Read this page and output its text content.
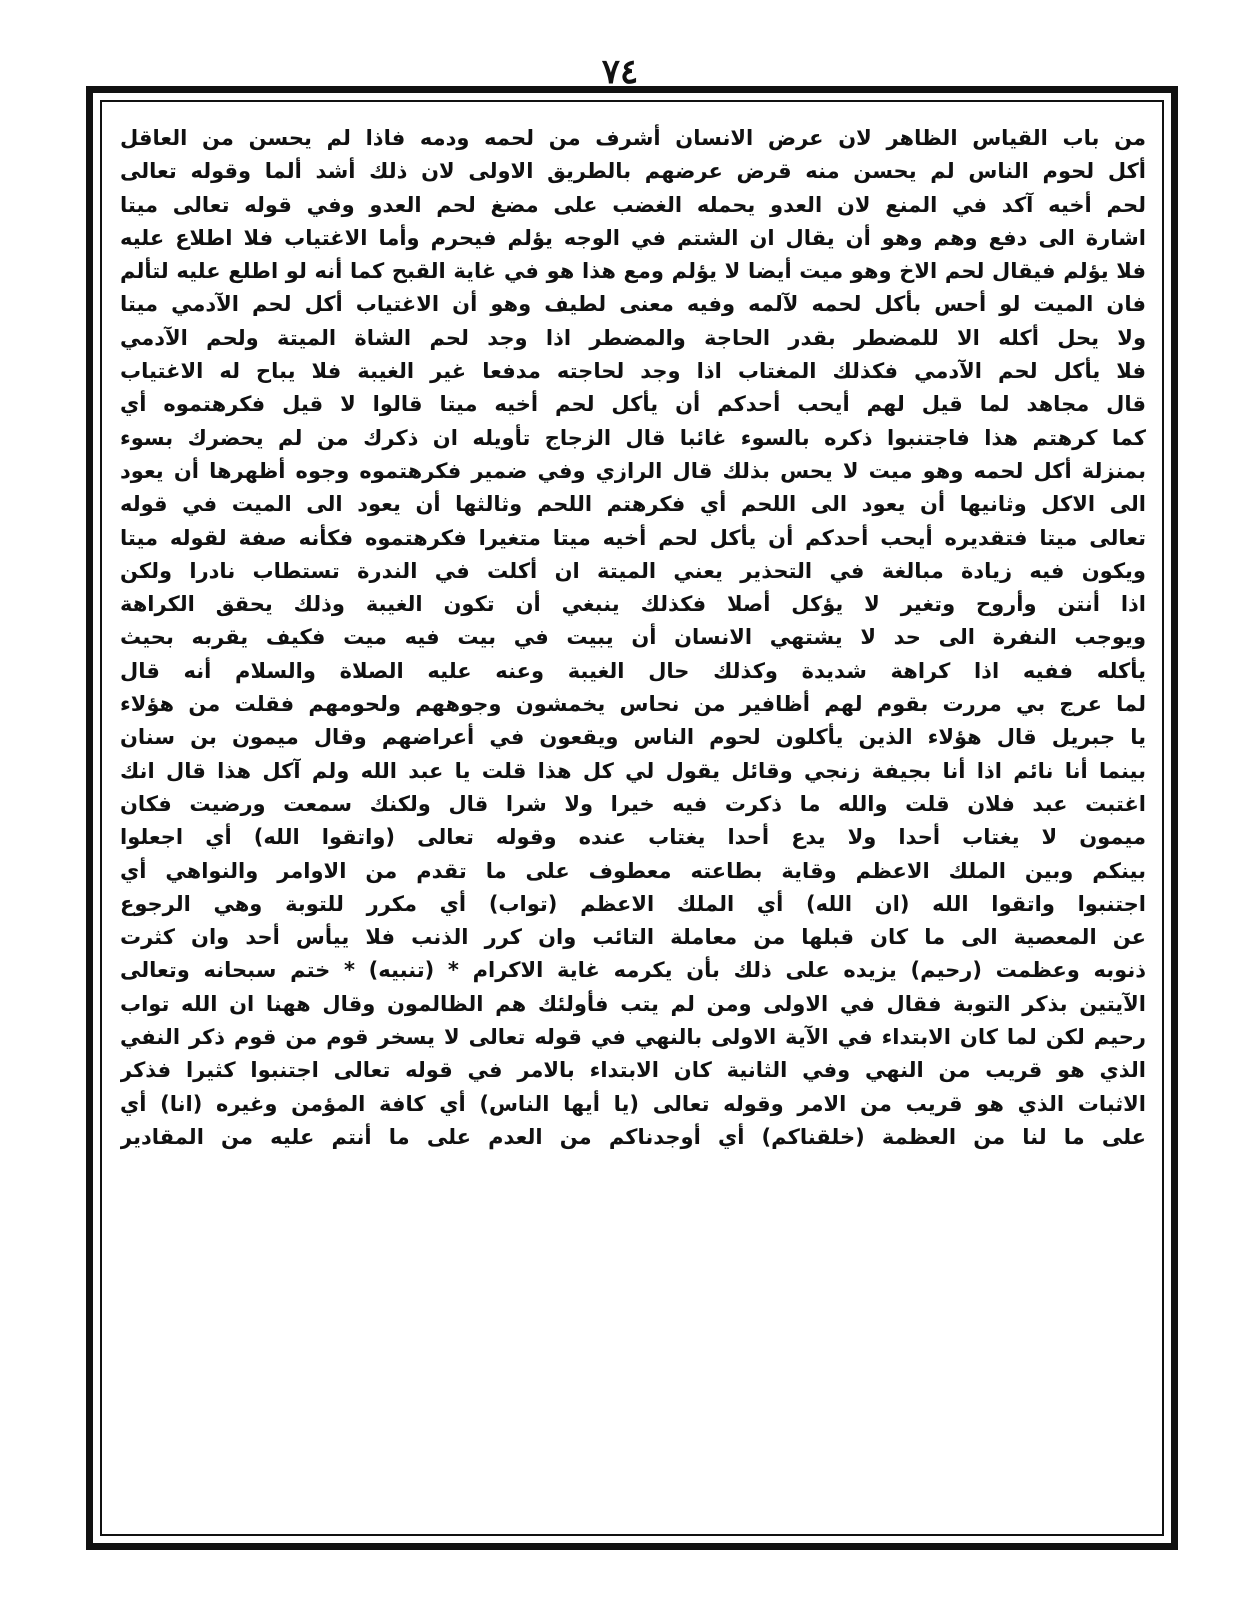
٧٤
من باب القياس الظاهر لان عرض الانسان أشرف من لحمه ودمه فاذا لم يحسن من العاقل
أكل لحوم الناس لم يحسن منه قرض عرضهم بالطريق الاولى لان ذلك أشد ألما وقوله تعالى
لحم أخيه آكد في المنع لان العدو يحمله الغضب على مضغ لحم العدو وفي قوله تعالى ميتا
اشارة الى دفع وهم وهو أن يقال ان الشتم في الوجه يؤلم فيحرم وأما الاغتياب فلا اطلاع عليه
فلا يؤلم فيقال لحم الاخ وهو ميت أيضا لا يؤلم ومع هذا هو في غاية القبح كما أنه لو اطلع عليه لتألم
فان الميت لو أحس بأكل لحمه لآلمه وفيه معنى لطيف وهو أن الاغتياب أكل لحم الآدمي ميتا
ولا يحل أكله الا للمضطر بقدر الحاجة والمضطر اذا وجد لحم الشاة الميتة ولحم الآدمي
فلا يأكل لحم الآدمي فكذلك المغتاب اذا وجد لحاجته مدفعا غير الغيبة فلا يباح له الاغتياب
قال مجاهد لما قيل لهم أيحب أحدكم أن يأكل لحم أخيه ميتا قالوا لا قيل فكرهتموه أي
كما كرهتم هذا فاجتنبوا ذكره بالسوء غائبا قال الزجاج تأويله ان ذكرك من لم يحضرك بسوء
بمنزلة أكل لحمه وهو ميت لا يحس بذلك قال الرازي وفي ضمير فكرهتموه وجوه أظهرها أن يعود
الى الاكل وثانيها أن يعود الى اللحم أي فكرهتم اللحم وثالثها أن يعود الى الميت في قوله
تعالى ميتا فتقديره أيحب أحدكم أن يأكل لحم أخيه ميتا متغيرا فكرهتموه فكأنه صفة لقوله ميتا
ويكون فيه زيادة مبالغة في التحذير يعني الميتة ان أكلت في الندرة تستطاب نادرا ولكن
اذا أنتن وأروح وتغير لا يؤكل أصلا فكذلك ينبغي أن تكون الغيبة وذلك يحقق الكراهة
ويوجب النفرة الى حد لا يشتهي الانسان أن يبيت في بيت فيه ميت فكيف يقربه بحيث
يأكله ففيه اذا كراهة شديدة وكذلك حال الغيبة وعنه عليه الصلاة والسلام أنه قال
لما عرج بي مررت بقوم لهم أظافير من نحاس يخمشون وجوههم ولحومهم فقلت من هؤلاء
يا جبريل قال هؤلاء الذين يأكلون لحوم الناس ويقعون في أعراضهم وقال ميمون بن سنان
بينما أنا نائم اذا أنا بجيفة زنجي وقائل يقول لي كل هذا قلت يا عبد الله ولم آكل هذا قال انك
اغتبت عبد فلان قلت والله ما ذكرت فيه خيرا ولا شرا قال ولكنك سمعت ورضيت فكان
ميمون لا يغتاب أحدا ولا يدع أحدا يغتاب عنده وقوله تعالى (واتقوا الله) أي اجعلوا
بينكم وبين الملك الاعظم وقاية بطاعته معطوف على ما تقدم من الاوامر والنواهي أي
اجتنبوا واتقوا الله (ان الله) أي الملك الاعظم (تواب) أي مكرر للتوبة وهي الرجوع
عن المعصية الى ما كان قبلها من معاملة التائب وان كرر الذنب فلا ييأس أحد وان كثرت
ذنوبه وعظمت (رحيم) يزيده على ذلك بأن يكرمه غاية الاكرام * (تنبيه) * ختم سبحانه وتعالى
الآيتين بذكر التوبة فقال في الاولى ومن لم يتب فأولئك هم الظالمون وقال ههنا ان الله تواب
رحيم لكن لما كان الابتداء في الآية الاولى بالنهي في قوله تعالى لا يسخر قوم من قوم ذكر النفي
الذي هو قريب من النهي وفي الثانية كان الابتداء بالامر في قوله تعالى اجتنبوا كثيرا فذكر
الاثبات الذي هو قريب من الامر وقوله تعالى (يا أيها الناس) أي كافة المؤمن وغيره (انا) أي
على ما لنا من العظمة (خلقناكم) أي أوجدناكم من العدم على ما أنتم عليه من المقادير
